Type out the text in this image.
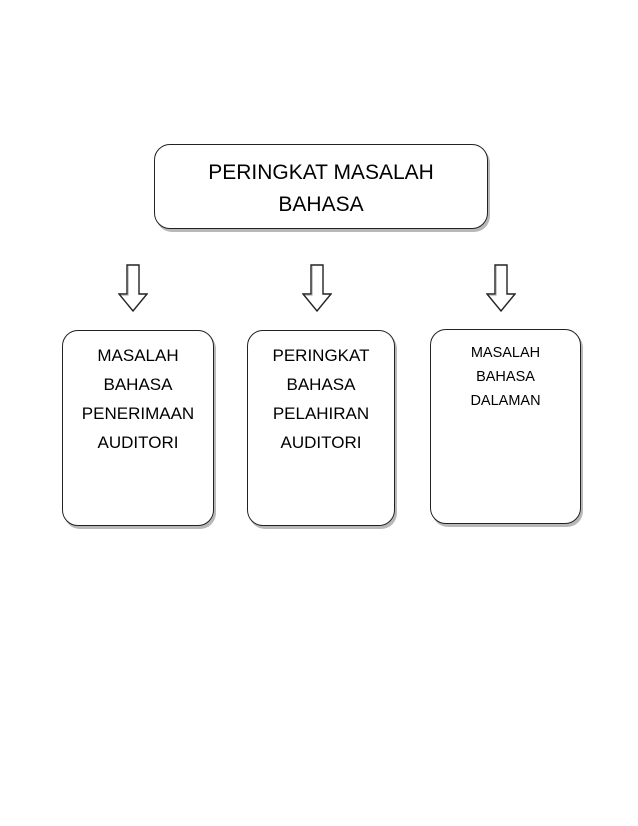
PERINGKAT MASALAH
BAHASA
MASALAH
BAHASA
PENERIMAAN
AUDITORI
PERINGKAT
BAHASA
PELAHIRAN
AUDITORI
MASALAH
BAHASA
DALAMAN
